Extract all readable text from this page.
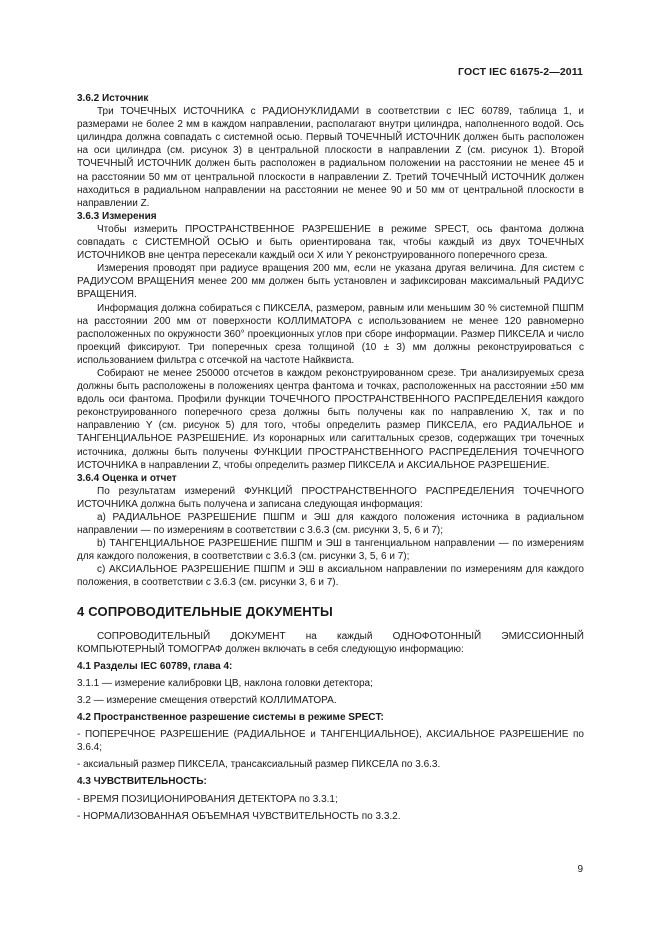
ГОСТ IEC 61675-2—2011

3.6.2 Источник

Три ТОЧЕЧНЫХ ИСТОЧНИКА с РАДИОНУКЛИДАМИ в соответствии с IEC 60789, таблица 1, и размерами не более 2 мм в каждом направлении, располагают внутри цилиндра, наполненного водой. Ось цилиндра должна совпадать с системной осью. Первый ТОЧЕЧНЫЙ ИСТОЧНИК должен быть расположен на оси цилиндра (см. рисунок 3) в центральной плоскости в направлении Z (см. рисунок 1). Второй ТОЧЕЧНЫЙ ИСТОЧНИК должен быть расположен в радиальном положении на расстоянии не менее 45 и на расстоянии 50 мм от центральной плоскости в направлении Z. Третий ТОЧЕЧНЫЙ ИСТОЧНИК должен находиться в радиальном направлении на расстоянии не менее 90 и 50 мм от центральной плоскости в направлении Z.

3.6.3 Измерения

Чтобы измерить ПРОСТРАНСТВЕННОЕ РАЗРЕШЕНИЕ в режиме SPECT, ось фантома должна совпадать с СИСТЕМНОЙ ОСЬЮ и быть ориентирована так, чтобы каждый из двух ТОЧЕЧНЫХ ИСТОЧНИКОВ вне центра пересекали каждый оси X или Y реконструированного поперечного среза.

Измерения проводят при радиусе вращения 200 мм, если не указана другая величина. Для систем с РАДИУСОМ ВРАЩЕНИЯ менее 200 мм должен быть установлен и зафиксирован максимальный РАДИУС ВРАЩЕНИЯ.

Информация должна собираться с ПИКСЕЛА, размером, равным или меньшим 30 % системной ПШПМ на расстоянии 200 мм от поверхности КОЛЛИМАТОРА с использованием не менее 120 равномерно расположенных по окружности 360° проекционных углов при сборе информации. Размер ПИКСЕЛА и число проекций фиксируют. Три поперечных среза толщиной (10 ± 3) мм должны реконструироваться с использованием фильтра с отсечкой на частоте Найквиста.

Собирают не менее 250000 отсчетов в каждом реконструированном срезе. Три анализируемых среза должны быть расположены в положениях центра фантома и точках, расположенных на расстоянии ±50 мм вдоль оси фантома. Профили функции ТОЧЕЧНОГО ПРОСТРАНСТВЕННОГО РАСПРЕДЕЛЕНИЯ каждого реконструированного поперечного среза должны быть получены как по направлению X, так и по направлению Y (см. рисунок 5) для того, чтобы определить размер ПИКСЕЛА, его РАДИАЛЬНОЕ и ТАНГЕНЦИАЛЬНОЕ РАЗРЕШЕНИЕ. Из коронарных или сагиттальных срезов, содержащих три точечных источника, должны быть получены ФУНКЦИИ ПРОСТРАНСТВЕННОГО РАСПРЕДЕЛЕНИЯ ТОЧЕЧНОГО ИСТОЧНИКА в направлении Z, чтобы определить размер ПИКСЕЛА и АКСИАЛЬНОЕ РАЗРЕШЕНИЕ.

3.6.4 Оценка и отчет

По результатам измерений ФУНКЦИЙ ПРОСТРАНСТВЕННОГО РАСПРЕДЕЛЕНИЯ ТОЧЕЧНОГО ИСТОЧНИКА должна быть получена и записана следующая информация:

a) РАДИАЛЬНОЕ РАЗРЕШЕНИЕ ПШПМ и ЭШ для каждого положения источника в радиальном направлении — по измерениям в соответствии с 3.6.3 (см. рисунки 3, 5, 6 и 7);

b) ТАНГЕНЦИАЛЬНОЕ РАЗРЕШЕНИЕ ПШПМ и ЭШ в тангенциальном направлении — по измерениям для каждого положения, в соответствии с 3.6.3 (см. рисунки 3, 5, 6 и 7);

c) АКСИАЛЬНОЕ РАЗРЕШЕНИЕ ПШПМ и ЭШ в аксиальном направлении по измерениям для каждого положения, в соответствии с 3.6.3 (см. рисунки 3, 6 и 7).

4 СОПРОВОДИТЕЛЬНЫЕ ДОКУМЕНТЫ

СОПРОВОДИТЕЛЬНЫЙ ДОКУМЕНТ на каждый ОДНОФОТОННЫЙ ЭМИССИОННЫЙ КОМПЬЮТЕРНЫЙ ТОМОГРАФ должен включать в себя следующую информацию:

4.1 Разделы IEC 60789, глава 4:

3.1.1 — измерение калибровки ЦВ, наклона головки детектора;

3.2 — измерение смещения отверстий КОЛЛИМАТОРА.

4.2 Пространственное разрешение системы в режиме SPECT:

- ПОПЕРЕЧНОЕ РАЗРЕШЕНИЕ (РАДИАЛЬНОЕ и ТАНГЕНЦИАЛЬНОЕ), АКСИАЛЬНОЕ РАЗРЕШЕНИЕ по 3.6.4;

- аксиальный размер ПИКСЕЛА, трансаксиальный размер ПИКСЕЛА по 3.6.3.

4.3 ЧУВСТВИТЕЛЬНОСТЬ:

- ВРЕМЯ ПОЗИЦИОНИРОВАНИЯ ДЕТЕКТОРА по 3.3.1;

- НОРМАЛИЗОВАННАЯ ОБЪЕМНАЯ ЧУВСТВИТЕЛЬНОСТЬ по 3.3.2.

9
